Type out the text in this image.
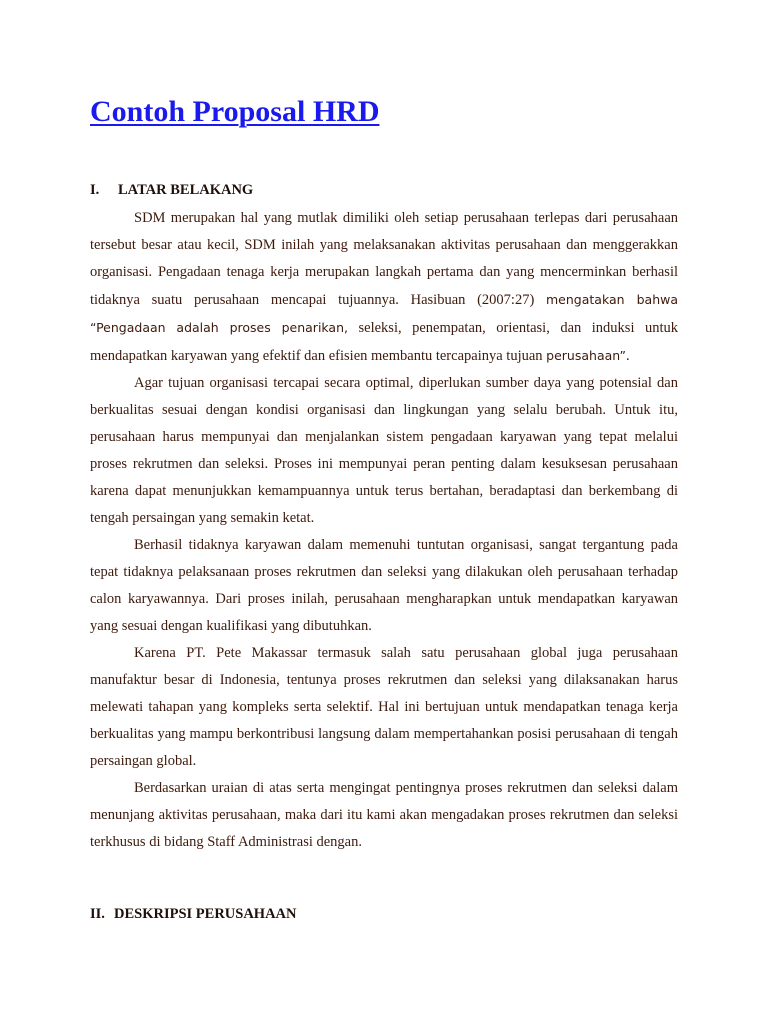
Contoh Proposal HRD
I. LATAR BELAKANG

SDM merupakan hal yang mutlak dimiliki oleh setiap perusahaan terlepas dari perusahaan tersebut besar atau kecil, SDM inilah yang melaksanakan aktivitas perusahaan dan menggerakkan organisasi. Pengadaan tenaga kerja merupakan langkah pertama dan yang mencerminkan berhasil tidaknya suatu perusahaan mencapai tujuannya. Hasibuan (2007:27) mengatakan bahwa “Pengadaan adalah proses penarikan, seleksi, penempatan, orientasi, dan induksi untuk mendapatkan karyawan yang efektif dan efisien membantu tercapainya tujuan perusahaan”.

Agar tujuan organisasi tercapai secara optimal, diperlukan sumber daya yang potensial dan berkualitas sesuai dengan kondisi organisasi dan lingkungan yang selalu berubah. Untuk itu, perusahaan harus mempunyai dan menjalankan sistem pengadaan karyawan yang tepat melalui proses rekrutmen dan seleksi. Proses ini mempunyai peran penting dalam kesuksesan perusahaan karena dapat menunjukkan kemampuannya untuk terus bertahan, beradaptasi dan berkembang di tengah persaingan yang semakin ketat.

Berhasil tidaknya karyawan dalam memenuhi tuntutan organisasi, sangat tergantung pada tepat tidaknya pelaksanaan proses rekrutmen dan seleksi yang dilakukan oleh perusahaan terhadap calon karyawannya. Dari proses inilah, perusahaan mengharapkan untuk mendapatkan karyawan yang sesuai dengan kualifikasi yang dibutuhkan.

Karena PT. Pete Makassar termasuk salah satu perusahaan global juga perusahaan manufaktur besar di Indonesia, tentunya proses rekrutmen dan seleksi yang dilaksanakan harus melewati tahapan yang kompleks serta selektif. Hal ini bertujuan untuk mendapatkan tenaga kerja berkualitas yang mampu berkontribusi langsung dalam mempertahankan posisi perusahaan di tengah persaingan global.

Berdasarkan uraian di atas serta mengingat pentingnya proses rekrutmen dan seleksi dalam menunjang aktivitas perusahaan, maka dari itu kami akan mengadakan proses rekrutmen dan seleksi terkhusus di bidang Staff Administrasi dengan.

II. DESKRIPSI PERUSAHAAN
